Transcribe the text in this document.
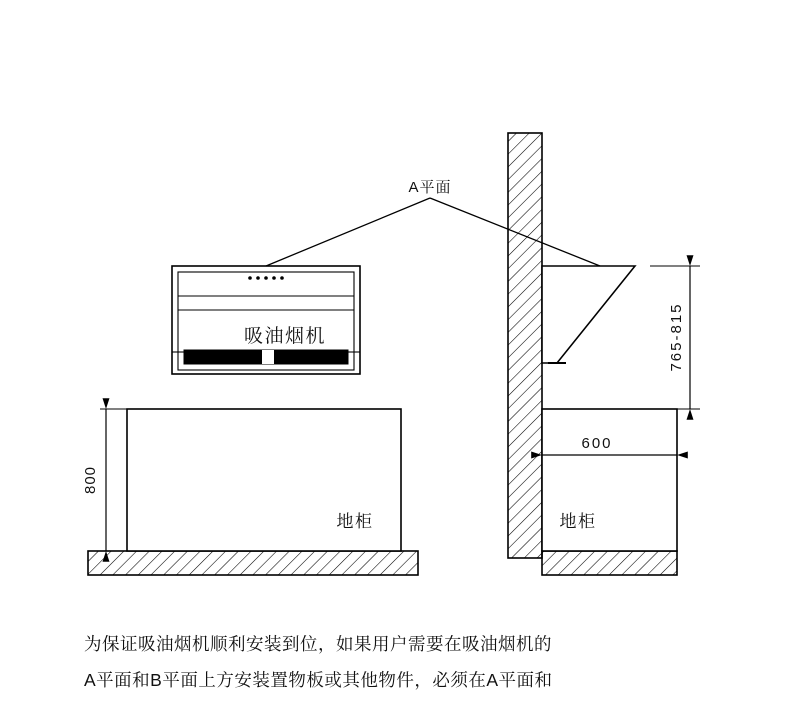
A平面
吸油烟机
地柜	地柜
800
600
765-815
为保证吸油烟机顺利安装到位，如果用户需要在吸油烟机的
A平面和B平面上方安装置物板或其他物件，必须在A平面和
